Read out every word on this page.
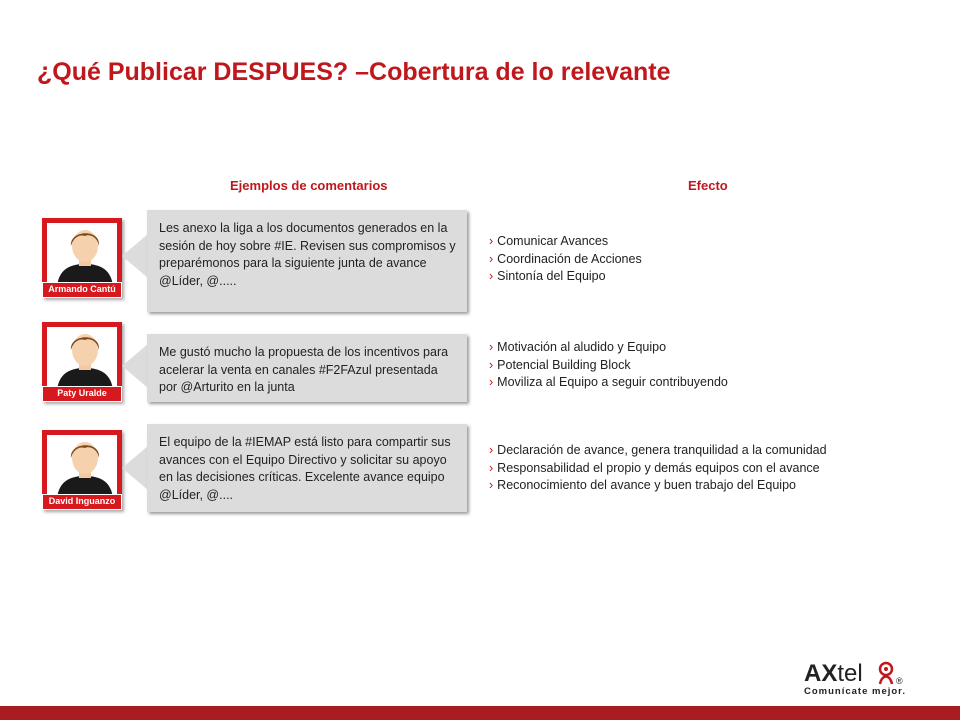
¿Qué Publicar DESPUES? –Cobertura de lo relevante
Ejemplos de comentarios	Efecto
Armando Cantú
Les anexo la liga a los documentos generados en la sesión de hoy sobre #IE. Revisen sus compromisos y preparémonos para la siguiente junta de avance @Líder, @.....
› Comunicar Avances
› Coordinación de Acciones
› Sintonía del Equipo
Paty Uralde
Me gustó mucho la propuesta de los incentivos para acelerar la venta en canales #F2FAzul presentada por @Arturito en la junta
› Motivación al aludido y Equipo
› Potencial Building Block
› Moviliza al Equipo a seguir contribuyendo
David Inguanzo
El equipo de la #IEMAP está listo para compartir sus avances con el Equipo Directivo y solicitar su apoyo en las decisiones críticas. Excelente avance equipo @Líder, @....
› Declaración de avance, genera tranquilidad a la comunidad
› Responsabilidad el propio y demás equipos con el avance
› Reconocimiento del avance y buen trabajo del Equipo
AXtel	®
Comunícate mejor.
